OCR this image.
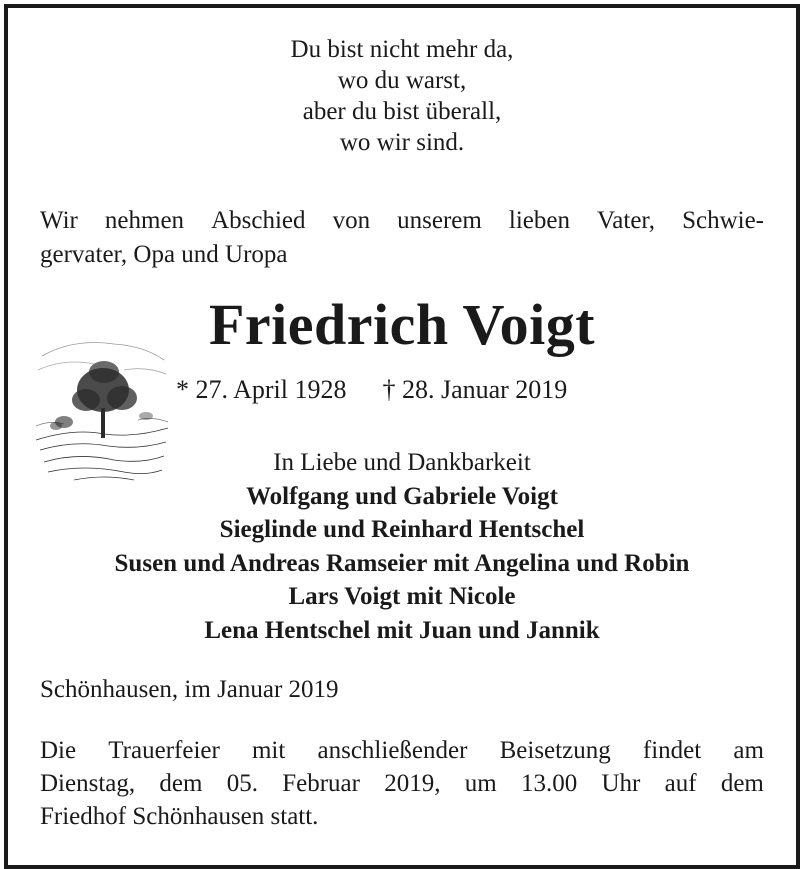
Du bist nicht mehr da,
wo du warst,
aber du bist überall,
wo wir sind.
Wir nehmen Abschied von unserem lieben Vater, Schwie-
gervater, Opa und Uropa
Friedrich Voigt
* 27. April 1928 † 28. Januar 2019
In Liebe und Dankbarkeit
Wolfgang und Gabriele Voigt
Sieglinde und Reinhard Hentschel
Susen und Andreas Ramseier mit Angelina und Robin
Lars Voigt mit Nicole
Lena Hentschel mit Juan und Jannik
Schönhausen, im Januar 2019
Die Trauerfeier mit anschließender Beisetzung findet am
Dienstag, dem 05. Februar 2019, um 13.00 Uhr auf dem
Friedhof Schönhausen statt.
